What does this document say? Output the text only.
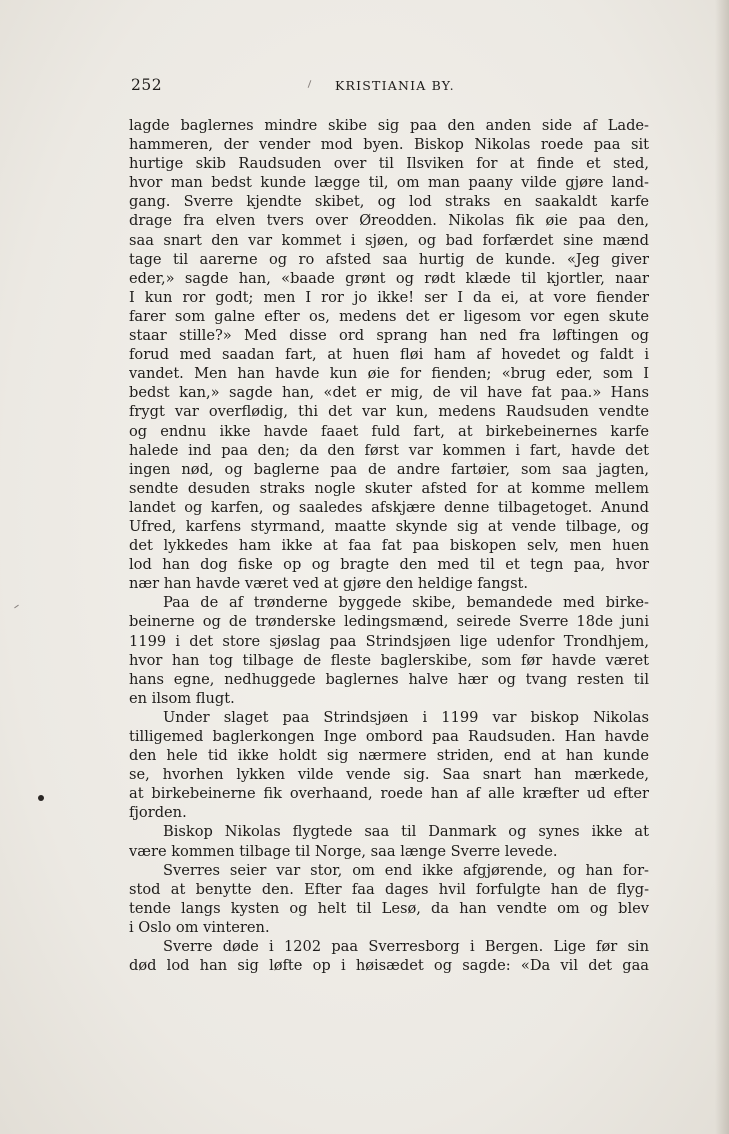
252	KRISTIANIA BY.
lagde baglernes mindre skibe sig paa den anden side af Lade-
hammeren, der vender mod byen. Biskop Nikolas roede paa sit
hurtige skib Raudsuden over til Ilsviken for at finde et sted,
hvor man bedst kunde lægge til, om man paany vilde gjøre land-
gang. Sverre kjendte skibet, og lod straks en saakaldt karfe
drage fra elven tvers over Øreodden. Nikolas fik øie paa den,
saa snart den var kommet i sjøen, og bad forfærdet sine mænd
tage til aarerne og ro afsted saa hurtig de kunde. «Jeg giver
eder,» sagde han, «baade grønt og rødt klæde til kjortler, naar
I kun ror godt; men I ror jo ikke! ser I da ei, at vore fiender
farer som galne efter os, medens det er ligesom vor egen skute
staar stille?» Med disse ord sprang han ned fra løftingen og
forud med saadan fart, at huen fløi ham af hovedet og faldt i
vandet. Men han havde kun øie for fienden; «brug eder, som I
bedst kan,» sagde han, «det er mig, de vil have fat paa.» Hans
frygt var overflødig, thi det var kun, medens Raudsuden vendte
og endnu ikke havde faaet fuld fart, at birkebeinernes karfe
halede ind paa den; da den først var kommen i fart, havde det
ingen nød, og baglerne paa de andre fartøier, som saa jagten,
sendte desuden straks nogle skuter afsted for at komme mellem
landet og karfen, og saaledes afskjære denne tilbagetoget. Anund
Ufred, karfens styrmand, maatte skynde sig at vende tilbage, og
det lykkedes ham ikke at faa fat paa biskopen selv, men huen
lod han dog fiske op og bragte den med til et tegn paa, hvor
nær han havde været ved at gjøre den heldige fangst.
Paa de af trønderne byggede skibe, bemandede med birke-
beinerne og de trønderske ledingsmænd, seirede Sverre 18de juni
1199 i det store sjøslag paa Strindsjøen lige udenfor Trondhjem,
hvor han tog tilbage de fleste baglerskibe, som før havde været
hans egne, nedhuggede baglernes halve hær og tvang resten til
en ilsom flugt.
Under slaget paa Strindsjøen i 1199 var biskop Nikolas
tilligemed baglerkongen Inge ombord paa Raudsuden. Han havde
den hele tid ikke holdt sig nærmere striden, end at han kunde
se, hvorhen lykken vilde vende sig. Saa snart han mærkede,
at birkebeinerne fik overhaand, roede han af alle kræfter ud efter
fjorden.
Biskop Nikolas flygtede saa til Danmark og synes ikke at
være kommen tilbage til Norge, saa længe Sverre levede.
Sverres seier var stor, om end ikke afgjørende, og han for-
stod at benytte den. Efter faa dages hvil forfulgte han de flyg-
tende langs kysten og helt til Lesø, da han vendte om og blev
i Oslo om vinteren.
Sverre døde i 1202 paa Sverresborg i Bergen. Lige før sin
død lod han sig løfte op i høisædet og sagde: «Da vil det gaa
